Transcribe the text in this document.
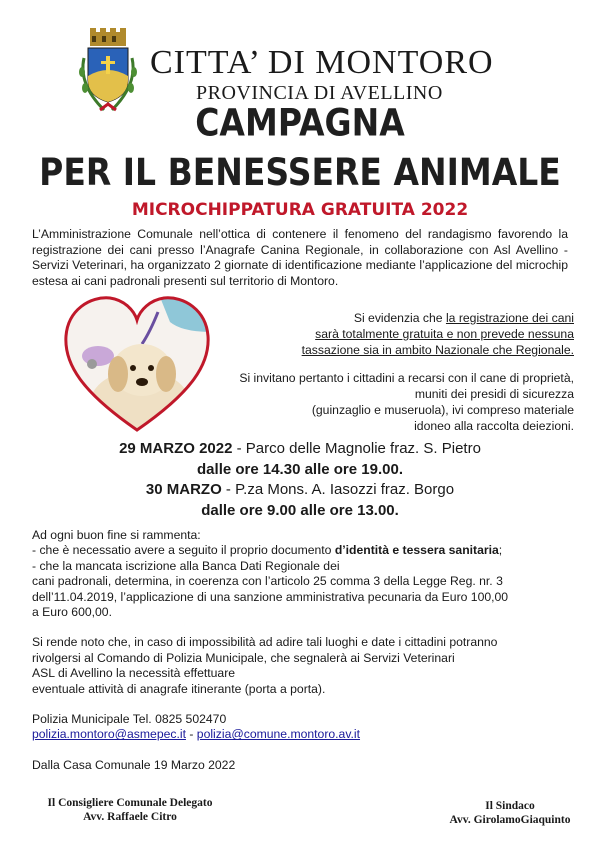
CITTA’ DI MONTORO
PROVINCIA DI AVELLINO
CAMPAGNA
PER IL BENESSERE ANIMALE
MICROCHIPPATURA GRATUITA 2022
L’Amministrazione Comunale nell’ottica di contenere il fenomeno del randagismo favorendo la registrazione dei cani presso l’Anagrafe Canina Regionale, in collaborazione con Asl Avellino - Servizi Veterinari, ha organizzato 2 giornate di identificazione mediante l’applicazione del microchip estesa ai cani padronali presenti sul territorio di Montoro.
Si evidenzia che la registrazione dei cani
sarà totalmente gratuita e non prevede nessuna
tassazione sia in ambito Nazionale che Regionale.
Si invitano pertanto i cittadini a recarsi con il cane di proprietà,
muniti dei presidi di sicurezza
(guinzaglio e museruola), ivi compreso materiale
idoneo alla raccolta deiezioni.
29 MARZO 2022 - Parco delle Magnolie fraz. S. Pietro
dalle ore 14.30 alle ore 19.00.
30 MARZO - P.za Mons. A. Iasozzi fraz. Borgo
dalle ore 9.00 alle ore 13.00.

Ad ogni buon fine si rammenta:

- che è necessatio avere a seguito il proprio documento d’identità e tessera sanitaria;

- che la mancata iscrizione alla Banca Dati Regionale dei

cani padronali, determina, in coerenza con l’articolo 25 comma 3 della Legge Reg. nr. 3

dell’11.04.2019, l’applicazione di una sanzione amministrativa pecunaria da Euro 100,00

a Euro 600,00.

Si rende noto che, in caso di impossibilità ad adire tali luoghi e date i cittadini potranno

rivolgersi al Comando di Polizia Municipale, che segnalerà ai Servizi Veterinari

ASL di Avellino la necessità effettuare

eventuale attività di anagrafe itinerante (porta a porta).

Polizia Municipale Tel. 0825 502470

polizia.montoro@asmepec.it - polizia@comune.montoro.av.it

Dalla Casa Comunale 19 Marzo 2022

Il Consigliere Comunale Delegato
Avv. Raffaele Citro
Il Sindaco
Avv. GirolamoGiaquinto
